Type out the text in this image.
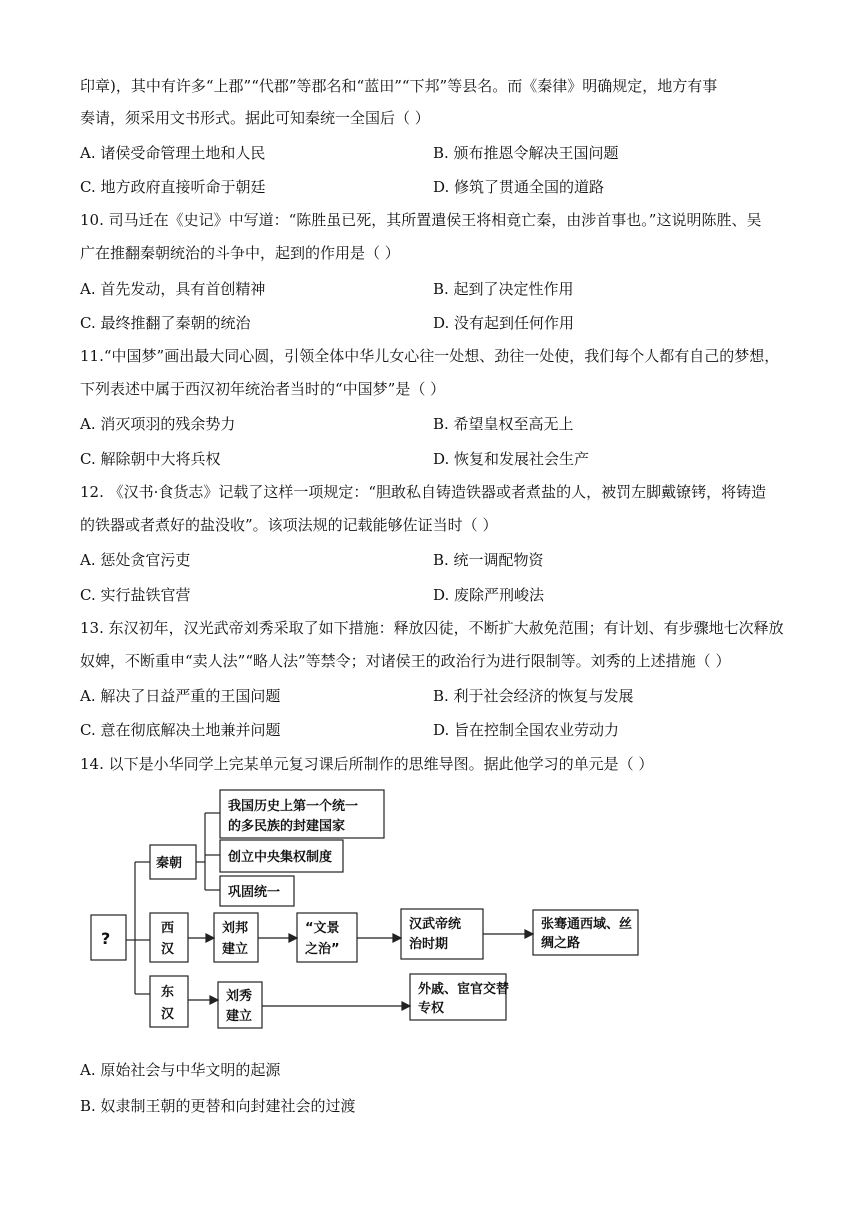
印章)，其中有许多“上郡”“代郡”等郡名和“蓝田”“下邦”等县名。而《秦律》明确规定，地方有事
奏请，须采用文书形式。据此可知秦统一全国后（ ）
A. 诸侯受命管理土地和人民	B. 颁布推恩令解决王国问题
C. 地方政府直接听命于朝廷	D. 修筑了贯通全国的道路
10. 司马迁在《史记》中写道：“陈胜虽已死，其所置遣侯王将相竟亡秦，由涉首事也。”这说明陈胜、吴
广在推翻秦朝统治的斗争中，起到的作用是（ ）
A. 首先发动，具有首创精神	B. 起到了决定性作用
C. 最终推翻了秦朝的统治	D. 没有起到任何作用
11.“中国梦”画出最大同心圆，引领全体中华儿女心往一处想、劲往一处使，我们每个人都有自己的梦想，
下列表述中属于西汉初年统治者当时的“中国梦”是（ ）
A. 消灭项羽的残余势力	B. 希望皇权至高无上
C. 解除朝中大将兵权	D. 恢复和发展社会生产
12. 《汉书·食货志》记载了这样一项规定：“胆敢私自铸造铁器或者煮盐的人，被罚左脚戴镣铐，将铸造
的铁器或者煮好的盐没收”。该项法规的记载能够佐证当时（ ）
A. 惩处贪官污吏	B. 统一调配物资
C. 实行盐铁官营	D. 废除严刑峻法
13. 东汉初年，汉光武帝刘秀采取了如下措施：释放囚徒，不断扩大赦免范围；有计划、有步骤地七次释放
奴婢，不断重申“卖人法”“略人法”等禁令；对诸侯王的政治行为进行限制等。刘秀的上述措施（ ）
A. 解决了日益严重的王国问题	B. 利于社会经济的恢复与发展
C. 意在彻底解决土地兼并问题	D. 旨在控制全国农业劳动力
14. 以下是小华同学上完某单元复习课后所制作的思维导图。据此他学习的单元是（ ）
?
秦朝
我国历史上第一个统一
的多民族的封建国家
创立中央集权制度
巩固统一
西
汉
刘邦
建立
“文景
之治”
汉武帝统
治时期
张骞通西域、丝
绸之路
东
汉
刘秀
建立
外戚、宦官交替
专权
A. 原始社会与中华文明的起源
B. 奴隶制王朝的更替和向封建社会的过渡
